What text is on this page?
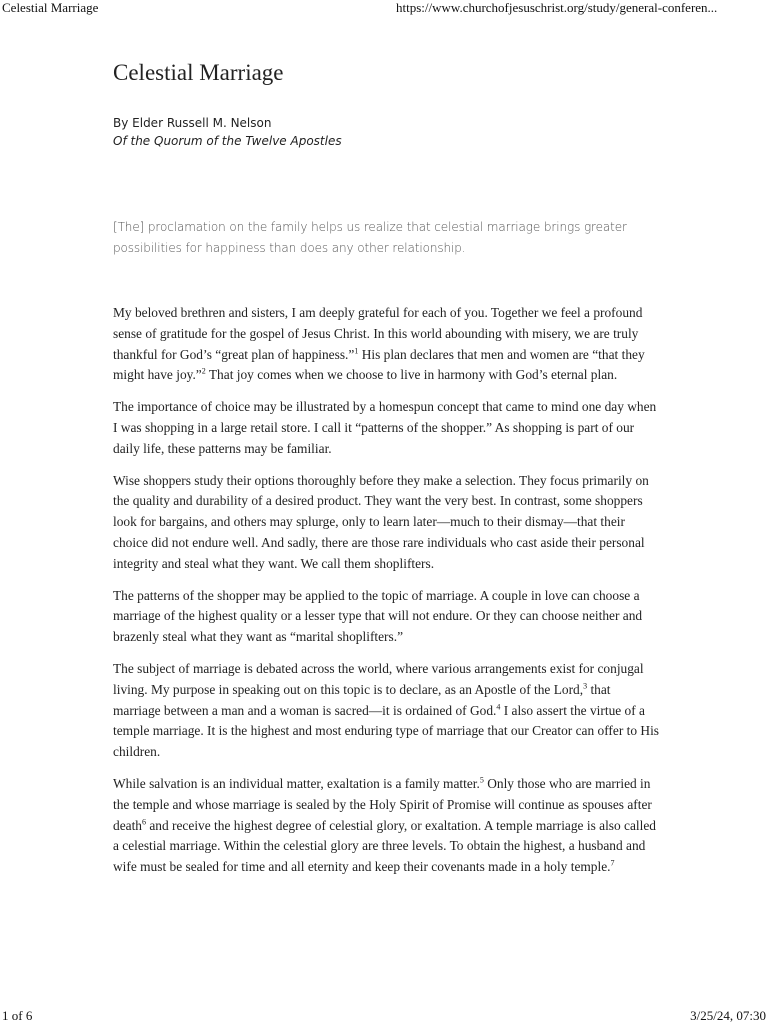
Celestial Marriage	https://www.churchofjesuschrist.org/study/general-conferen...
Celestial Marriage

By Elder Russell M. Nelson

Of the Quorum of the Twelve Apostles

[The] proclamation on the family helps us realize that celestial marriage brings greater possibilities for happiness than does any other relationship.

My beloved brethren and sisters, I am deeply grateful for each of you. Together we feel a profound sense of gratitude for the gospel of Jesus Christ. In this world abounding with misery, we are truly thankful for God’s “great plan of happiness.”$^1$ His plan declares that men and women are “that they might have joy.”$^2$ That joy comes when we choose to live in harmony with God’s eternal plan.

The importance of choice may be illustrated by a homespun concept that came to mind one day when I was shopping in a large retail store. I call it “patterns of the shopper.” As shopping is part of our daily life, these patterns may be familiar.

Wise shoppers study their options thoroughly before they make a selection. They focus primarily on the quality and durability of a desired product. They want the very best. In contrast, some shoppers look for bargains, and others may splurge, only to learn later—much to their dismay—that their choice did not endure well. And sadly, there are those rare individuals who cast aside their personal integrity and steal what they want. We call them shoplifters.

The patterns of the shopper may be applied to the topic of marriage. A couple in love can choose a marriage of the highest quality or a lesser type that will not endure. Or they can choose neither and brazenly steal what they want as “marital shoplifters.”

The subject of marriage is debated across the world, where various arrangements exist for conjugal living. My purpose in speaking out on this topic is to declare, as an Apostle of the Lord,$^3$ that marriage between a man and a woman is sacred—it is ordained of God.$^4$ I also assert the virtue of a temple marriage. It is the highest and most enduring type of marriage that our Creator can offer to His children.

While salvation is an individual matter, exaltation is a family matter.$^5$ Only those who are married in the temple and whose marriage is sealed by the Holy Spirit of Promise will continue as spouses after death$^6$ and receive the highest degree of celestial glory, or exaltation. A temple marriage is also called a celestial marriage. Within the celestial glory are three levels. To obtain the highest, a husband and wife must be sealed for time and all eternity and keep their covenants made in a holy temple.$^7$

1 of 6	3/25/24, 07:30
